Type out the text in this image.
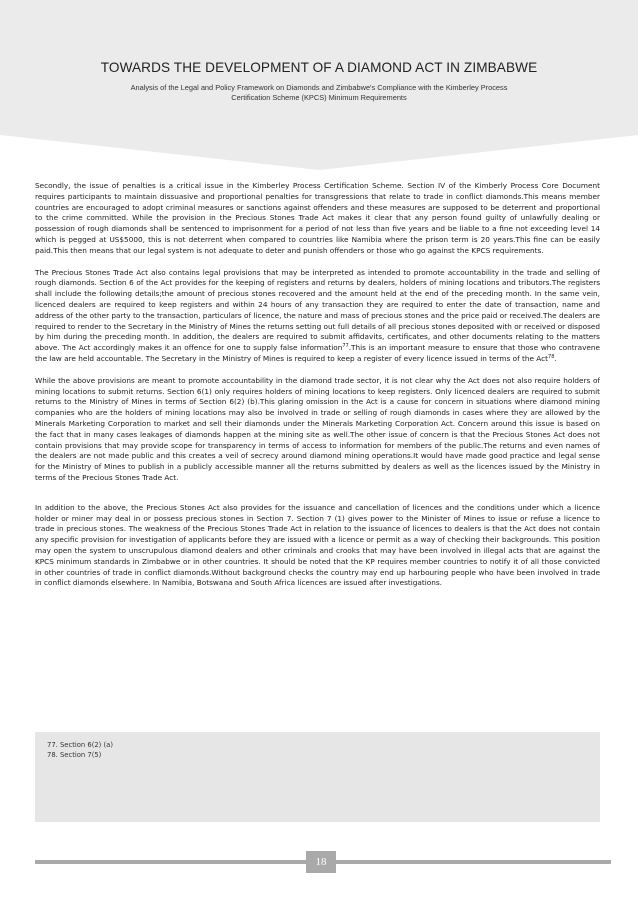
TOWARDS THE DEVELOPMENT OF A DIAMOND ACT IN ZIMBABWE
Analysis of the Legal and Policy Framework on Diamonds and Zimbabwe's Compliance with the Kimberley Process
Certification Scheme (KPCS) Minimum Requirements

Secondly, the issue of penalties is a critical issue in the Kimberley Process Certification Scheme. Section IV of the Kimberly Process Core Document requires participants to maintain dissuasive and proportional penalties for transgressions that relate to trade in conflict diamonds.This means member countries are encouraged to adopt criminal measures or sanctions against offenders and these measures are supposed to be deterrent and proportional to the crime committed. While the provision in the Precious Stones Trade Act makes it clear that any person found guilty of unlawfully dealing or possession of rough diamonds shall be sentenced to imprisonment for a period of not less than five years and be liable to a fine not exceeding level 14 which is pegged at US$5000, this is not deterrent when compared to countries like Namibia where the prison term is 20 years.This fine can be easily paid.This then means that our legal system is not adequate to deter and punish offenders or those who go against the KPCS requirements.

The Precious Stones Trade Act also contains legal provisions that may be interpreted as intended to promote accountability in the trade and selling of rough diamonds. Section 6 of the Act provides for the keeping of registers and returns by dealers, holders of mining locations and tributors.The registers shall include the following details;the amount of precious stones recovered and the amount held at the end of the preceding month. In the same vein, licenced dealers are required to keep registers and within 24 hours of any transaction they are required to enter the date of transaction, name and address of the other party to the transaction, particulars of licence, the nature and mass of precious stones and the price paid or received.The dealers are required to render to the Secretary in the Ministry of Mines the returns setting out full details of all precious stones deposited with or received or disposed by him during the preceding month. In addition, the dealers are required to submit affidavits, certificates, and other documents relating to the matters above. The Act accordingly makes it an offence for one to supply false information$^{77}$.This is an important measure to ensure that those who contravene the law are held accountable. The Secretary in the Ministry of Mines is required to keep a register of every licence issued in terms of the Act$^{78}$.

While the above provisions are meant to promote accountability in the diamond trade sector, it is not clear why the Act does not also require holders of mining locations to submit returns. Section 6(1) only requires holders of mining locations to keep registers. Only licenced dealers are required to submit returns to the Ministry of Mines in terms of Section 6(2) (b).This glaring omission in the Act is a cause for concern in situations where diamond mining companies who are the holders of mining locations may also be involved in trade or selling of rough diamonds in cases where they are allowed by the Minerals Marketing Corporation to market and sell their diamonds under the Minerals Marketing Corporation Act. Concern around this issue is based on the fact that in many cases leakages of diamonds happen at the mining site as well.The other issue of concern is that the Precious Stones Act does not contain provisions that may provide scope for transparency in terms of access to information for members of the public.The returns and even names of the dealers are not made public and this creates a veil of secrecy around diamond mining operations.It would have made good practice and legal sense for the Ministry of Mines to publish in a publicly accessible manner all the returns submitted by dealers as well as the licences issued by the Ministry in terms of the Precious Stones Trade Act.

In addition to the above, the Precious Stones Act also provides for the issuance and cancellation of licences and the conditions under which a licence holder or miner may deal in or possess precious stones in Section 7. Section 7 (1) gives power to the Minister of Mines to issue or refuse a licence to trade in precious stones. The weakness of the Precious Stones Trade Act in relation to the issuance of licences to dealers is that the Act does not contain any specific provision for investigation of applicants before they are issued with a licence or permit as a way of checking their backgrounds. This position may open the system to unscrupulous diamond dealers and other criminals and crooks that may have been involved in illegal acts that are against the KPCS minimum standards in Zimbabwe or in other countries. It should be noted that the KP requires member countries to notify it of all those convicted in other countries of trade in conflict diamonds.Without background checks the country may end up harbouring people who have been involved in trade in conflict diamonds elsewhere. In Namibia, Botswana and South Africa licences are issued after investigations.

77. Section 6(2) (a)
78. Section 7(5)
18
